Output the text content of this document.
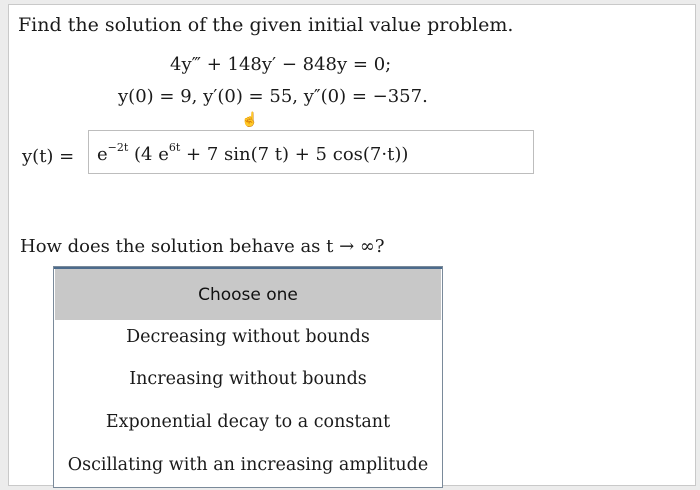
Find the solution of the given initial value problem.
4y‴ + 148y′ − 848y = 0;
y(0) = 9, y′(0) = 55, y″(0) = −357.
☝
y(t) =	$e^{-2t}$ (4 $e^{6t} + 7$ sin(7 t) + 5 cos(7·t))
How does the solution behave as t → ∞?
Choose one
Decreasing without bounds
Increasing without bounds
Exponential decay to a constant
Oscillating with an increasing amplitude
